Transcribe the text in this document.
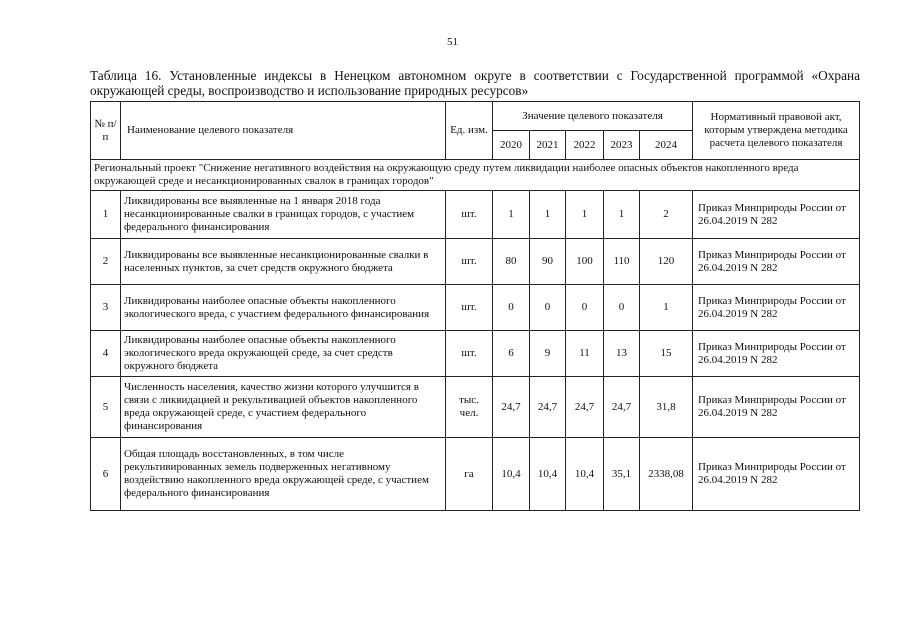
51
Таблица 16. Установленные индексы в Ненецком автономном округе в соответствии с Государственной программой «Охрана окружающей среды, воспроизводство и использование природных ресурсов»
№ п/п	Наименование целевого показателя	Ед. изм.	Значение целевого показателя					Нормативный правовой акт, которым утверждена методика расчета целевого показателя
			2020	2021	2022	2023	2024	
Региональный проект "Снижение негативного воздействия на окружающую среду путем ликвидации наиболее опасных объектов накопленного вреда окружающей среде и несанкционированных свалок в границах городов"								
1	Ликвидированы все выявленные на 1 января 2018 года несанкционированные свалки в границах городов, с участием федерального финансирования	шт.	1	1	1	1	2	Приказ Минприроды России от 26.04.2019 N 282
2	Ликвидированы все выявленные несанкционированные свалки в населенных пунктов, за счет средств окружного бюджета	шт.	80	90	100	110	120	Приказ Минприроды России от 26.04.2019 N 282
3	Ликвидированы наиболее опасные объекты накопленного экологического вреда, с участием федерального финансирования	шт.	0	0	0	0	1	Приказ Минприроды России от 26.04.2019 N 282
4	Ликвидированы наиболее опасные объекты накопленного экологического вреда окружающей среде, за счет средств окружного бюджета	шт.	6	9	11	13	15	Приказ Минприроды России от 26.04.2019 N 282
5	Численность населения, качество жизни которого улучшится в связи с ликвидацией и рекультивацией объектов накопленного вреда окружающей среде, с участием федерального финансирования	тыс. чел.	24,7	24,7	24,7	24,7	31,8	Приказ Минприроды России от 26.04.2019 N 282
6	Общая площадь восстановленных, в том числе рекультивированных земель подверженных негативному воздействию накопленного вреда окружающей среде, с участием федерального финансирования	га	10,4	10,4	10,4	35,1	2338,08	Приказ Минприроды России от 26.04.2019 N 282
